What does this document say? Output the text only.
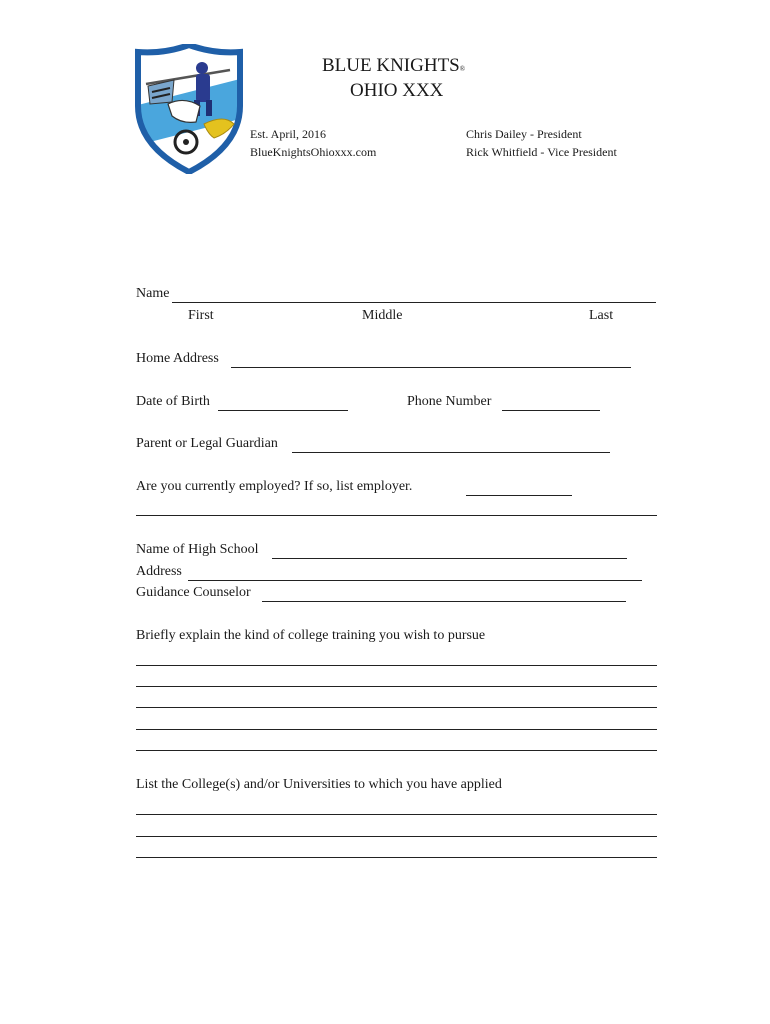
BLUE KNIGHTS®
OHIO XXX
Est. April, 2016
BlueKnightsOhioxxx.com
Chris Dailey - President
Rick Whitfield - Vice President
Name
First	Middle	Last
Home Address
Date of Birth	Phone Number
Parent or Legal Guardian
Are you currently employed? If so, list employer.
Name of High School
Address
Guidance Counselor
Briefly explain the kind of college training you wish to pursue
List the College(s) and/or Universities to which you have applied
